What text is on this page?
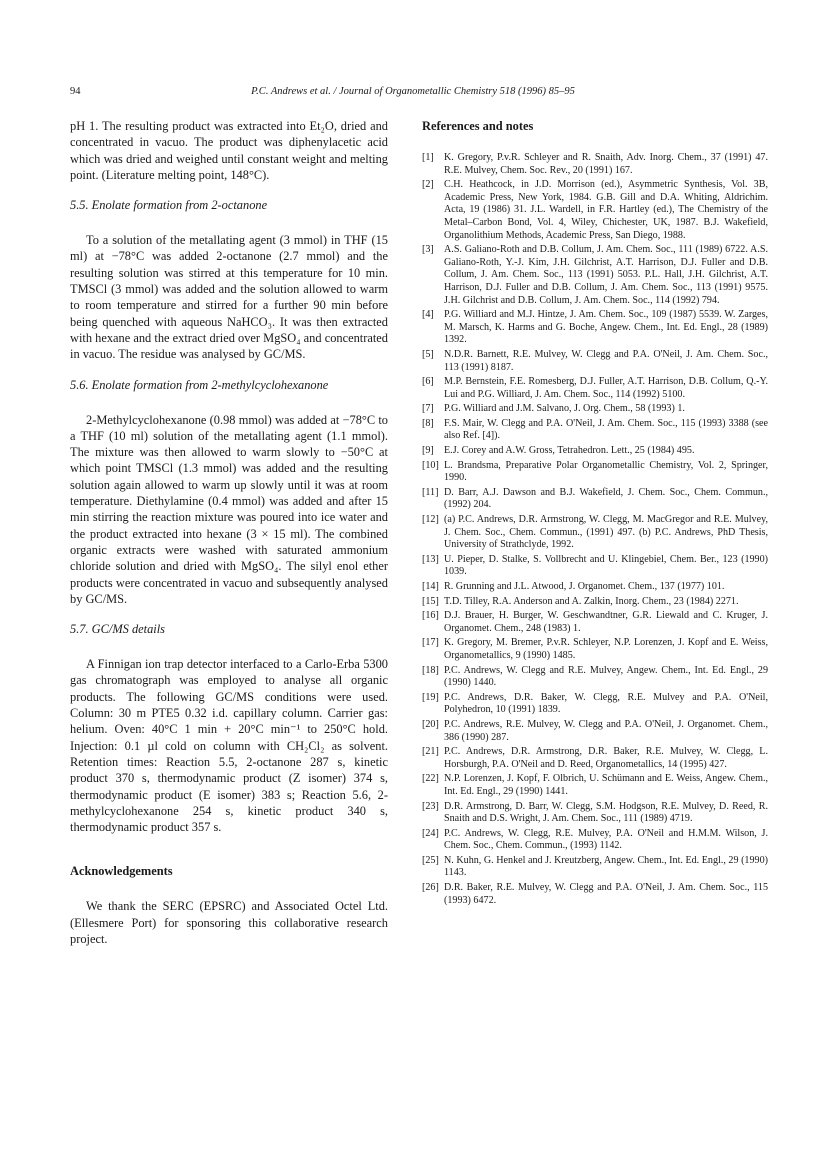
94	P.C. Andrews et al. / Journal of Organometallic Chemistry 518 (1996) 85–95

pH 1. The resulting product was extracted into Et₂O, dried and concentrated in vacuo. The product was diphenylacetic acid which was dried and weighed until constant weight and melting point. (Literature melting point, 148°C).

5.5. Enolate formation from 2-octanone

To a solution of the metallating agent (3 mmol) in THF (15 ml) at −78°C was added 2-octanone (2.7 mmol) and the resulting solution was stirred at this temperature for 10 min. TMSCl (3 mmol) was added and the solution allowed to warm to room temperature and stirred for a further 90 min before being quenched with aqueous NaHCO₃. It was then extracted with hexane and the extract dried over MgSO₄ and concentrated in vacuo. The residue was analysed by GC/MS.

5.6. Enolate formation from 2-methylcyclohexanone

2-Methylcyclohexanone (0.98 mmol) was added at −78°C to a THF (10 ml) solution of the metallating agent (1.1 mmol). The mixture was then allowed to warm slowly to −50°C at which point TMSCl (1.3 mmol) was added and the resulting solution again allowed to warm up slowly until it was at room temperature. Diethylamine (0.4 mmol) was added and after 15 min stirring the reaction mixture was poured into ice water and the product extracted into hexane (3 × 15 ml). The combined organic extracts were washed with saturated ammonium chloride solution and dried with MgSO₄. The silyl enol ether products were concentrated in vacuo and subsequently analysed by GC/MS.

5.7. GC/MS details

A Finnigan ion trap detector interfaced to a Carlo-Erba 5300 gas chromatograph was employed to analyse all organic products. The following GC/MS conditions were used. Column: 30 m PTE5 0.32 i.d. capillary column. Carrier gas: helium. Oven: 40°C 1 min + 20°C min⁻¹ to 250°C hold. Injection: 0.1 µl cold on column with CH₂Cl₂ as solvent. Retention times: Reaction 5.5, 2-octanone 287 s, kinetic product 370 s, thermodynamic product (Z isomer) 374 s, thermodynamic product (E isomer) 383 s; Reaction 5.6, 2-methylcyclohexanone 254 s, kinetic product 340 s, thermodynamic product 357 s.

Acknowledgements

We thank the SERC (EPSRC) and Associated Octel Ltd. (Ellesmere Port) for sponsoring this collaborative research project.

References and notes
[1]	K. Gregory, P.v.R. Schleyer and R. Snaith, Adv. Inorg. Chem., 37 (1991) 47. R.E. Mulvey, Chem. Soc. Rev., 20 (1991) 167.
[2]	C.H. Heathcock, in J.D. Morrison (ed.), Asymmetric Synthesis, Vol. 3B, Academic Press, New York, 1984. G.B. Gill and D.A. Whiting, Aldrichim. Acta, 19 (1986) 31. J.L. Wardell, in F.R. Hartley (ed.), The Chemistry of the Metal–Carbon Bond, Vol. 4, Wiley, Chichester, UK, 1987. B.J. Wakefield, Organolithium Methods, Academic Press, San Diego, 1988.
[3]	A.S. Galiano-Roth and D.B. Collum, J. Am. Chem. Soc., 111 (1989) 6722. A.S. Galiano-Roth, Y.-J. Kim, J.H. Gilchrist, A.T. Harrison, D.J. Fuller and D.B. Collum, J. Am. Chem. Soc., 113 (1991) 5053. P.L. Hall, J.H. Gilchrist, A.T. Harrison, D.J. Fuller and D.B. Collum, J. Am. Chem. Soc., 113 (1991) 9575. J.H. Gilchrist and D.B. Collum, J. Am. Chem. Soc., 114 (1992) 794.
[4]	P.G. Williard and M.J. Hintze, J. Am. Chem. Soc., 109 (1987) 5539. W. Zarges, M. Marsch, K. Harms and G. Boche, Angew. Chem., Int. Ed. Engl., 28 (1989) 1392.
[5]	N.D.R. Barnett, R.E. Mulvey, W. Clegg and P.A. O'Neil, J. Am. Chem. Soc., 113 (1991) 8187.
[6]	M.P. Bernstein, F.E. Romesberg, D.J. Fuller, A.T. Harrison, D.B. Collum, Q.-Y. Lui and P.G. Williard, J. Am. Chem. Soc., 114 (1992) 5100.
[7]	P.G. Williard and J.M. Salvano, J. Org. Chem., 58 (1993) 1.
[8]	F.S. Mair, W. Clegg and P.A. O'Neil, J. Am. Chem. Soc., 115 (1993) 3388 (see also Ref. [4]).
[9]	E.J. Corey and A.W. Gross, Tetrahedron. Lett., 25 (1984) 495.
[10] L. Brandsma, Preparative Polar Organometallic Chemistry, Vol. 2, Springer, 1990.
[11] D. Barr, A.J. Dawson and B.J. Wakefield, J. Chem. Soc., Chem. Commun., (1992) 204.
[12] (a) P.C. Andrews, D.R. Armstrong, W. Clegg, M. MacGregor and R.E. Mulvey, J. Chem. Soc., Chem. Commun., (1991) 497. (b) P.C. Andrews, PhD Thesis, University of Strathclyde, 1992.
[13] U. Pieper, D. Stalke, S. Vollbrecht and U. Klingebiel, Chem. Ber., 123 (1990) 1039.
[14] R. Grunning and J.L. Atwood, J. Organomet. Chem., 137 (1977) 101.
[15] T.D. Tilley, R.A. Anderson and A. Zalkin, Inorg. Chem., 23 (1984) 2271.
[16] D.J. Brauer, H. Burger, W. Geschwandtner, G.R. Liewald and C. Kruger, J. Organomet. Chem., 248 (1983) 1.
[17] K. Gregory, M. Bremer, P.v.R. Schleyer, N.P. Lorenzen, J. Kopf and E. Weiss, Organometallics, 9 (1990) 1485.
[18] P.C. Andrews, W. Clegg and R.E. Mulvey, Angew. Chem., Int. Ed. Engl., 29 (1990) 1440.
[19] P.C. Andrews, D.R. Baker, W. Clegg, R.E. Mulvey and P.A. O'Neil, Polyhedron, 10 (1991) 1839.
[20] P.C. Andrews, R.E. Mulvey, W. Clegg and P.A. O'Neil, J. Organomet. Chem., 386 (1990) 287.
[21] P.C. Andrews, D.R. Armstrong, D.R. Baker, R.E. Mulvey, W. Clegg, L. Horsburgh, P.A. O'Neil and D. Reed, Organometallics, 14 (1995) 427.
[22] N.P. Lorenzen, J. Kopf, F. Olbrich, U. Schümann and E. Weiss, Angew. Chem., Int. Ed. Engl., 29 (1990) 1441.
[23] D.R. Armstrong, D. Barr, W. Clegg, S.M. Hodgson, R.E. Mulvey, D. Reed, R. Snaith and D.S. Wright, J. Am. Chem. Soc., 111 (1989) 4719.
[24] P.C. Andrews, W. Clegg, R.E. Mulvey, P.A. O'Neil and H.M.M. Wilson, J. Chem. Soc., Chem. Commun., (1993) 1142.
[25] N. Kuhn, G. Henkel and J. Kreutzberg, Angew. Chem., Int. Ed. Engl., 29 (1990) 1143.
[26] D.R. Baker, R.E. Mulvey, W. Clegg and P.A. O'Neil, J. Am. Chem. Soc., 115 (1993) 6472.
